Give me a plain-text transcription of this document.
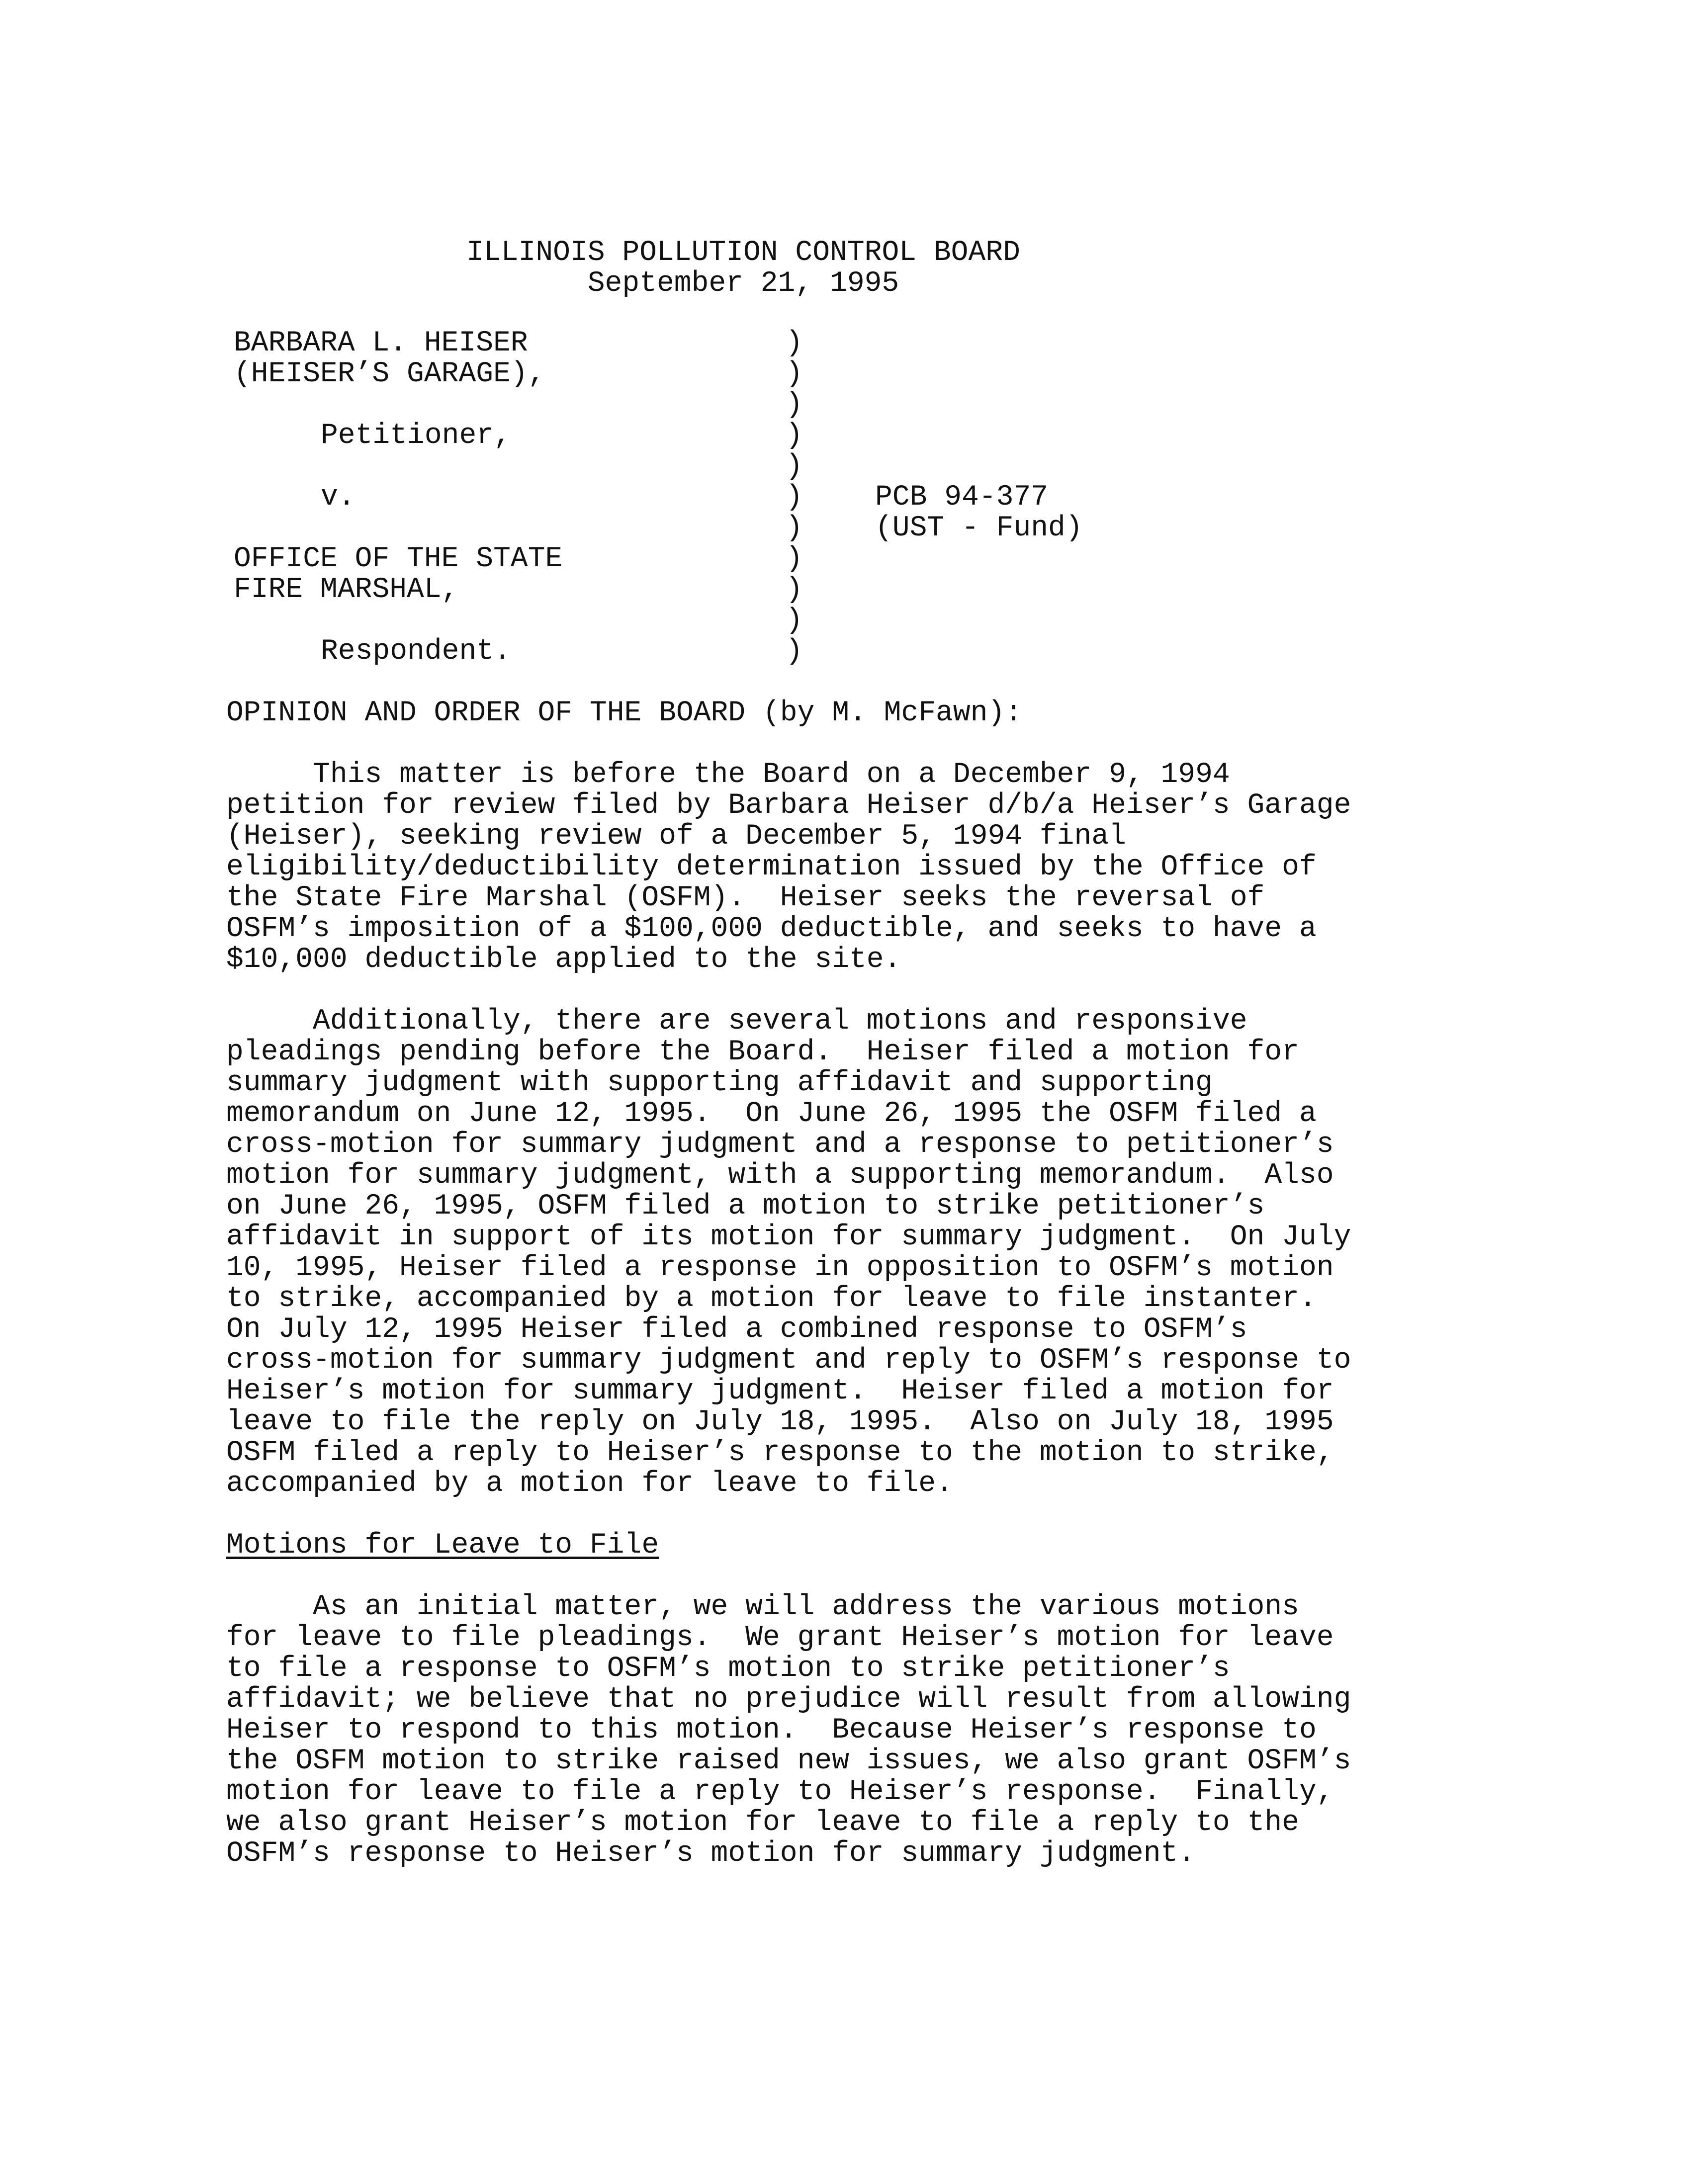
ILLINOIS POLLUTION CONTROL BOARD
September 21, 1995
BARBARA L. HEISER
(HEISER’S GARAGE),
Petitioner,
v.
OFFICE OF THE STATE
FIRE MARSHAL,
Respondent.
)
)
)
)
)
)
)
)
)
)
)
PCB 94-377
(UST - Fund)
OPINION AND ORDER OF THE BOARD (by M. McFawn):
This matter is before the Board on a December 9, 1994
petition for review filed by Barbara Heiser d/b/a Heiser’s Garage
(Heiser), seeking review of a December 5, 1994 final
eligibility/deductibility determination issued by the Office of
the State Fire Marshal (OSFM).  Heiser seeks the reversal of
OSFM’s imposition of a $100,000 deductible, and seeks to have a
$10,000 deductible applied to the site.
Additionally, there are several motions and responsive
pleadings pending before the Board.  Heiser filed a motion for
summary judgment with supporting affidavit and supporting
memorandum on June 12, 1995.  On June 26, 1995 the OSFM filed a
cross-motion for summary judgment and a response to petitioner’s
motion for summary judgment, with a supporting memorandum.  Also
on June 26, 1995, OSFM filed a motion to strike petitioner’s
affidavit in support of its motion for summary judgment.  On July
10, 1995, Heiser filed a response in opposition to OSFM’s motion
to strike, accompanied by a motion for leave to file instanter.
On July 12, 1995 Heiser filed a combined response to OSFM’s
cross-motion for summary judgment and reply to OSFM’s response to
Heiser’s motion for summary judgment.  Heiser filed a motion for
leave to file the reply on July 18, 1995.  Also on July 18, 1995
OSFM filed a reply to Heiser’s response to the motion to strike,
accompanied by a motion for leave to file.
Motions for Leave to File
As an initial matter, we will address the various motions
for leave to file pleadings.  We grant Heiser’s motion for leave
to file a response to OSFM’s motion to strike petitioner’s
affidavit; we believe that no prejudice will result from allowing
Heiser to respond to this motion.  Because Heiser’s response to
the OSFM motion to strike raised new issues, we also grant OSFM’s
motion for leave to file a reply to Heiser’s response.  Finally,
we also grant Heiser’s motion for leave to file a reply to the
OSFM’s response to Heiser’s motion for summary judgment.
